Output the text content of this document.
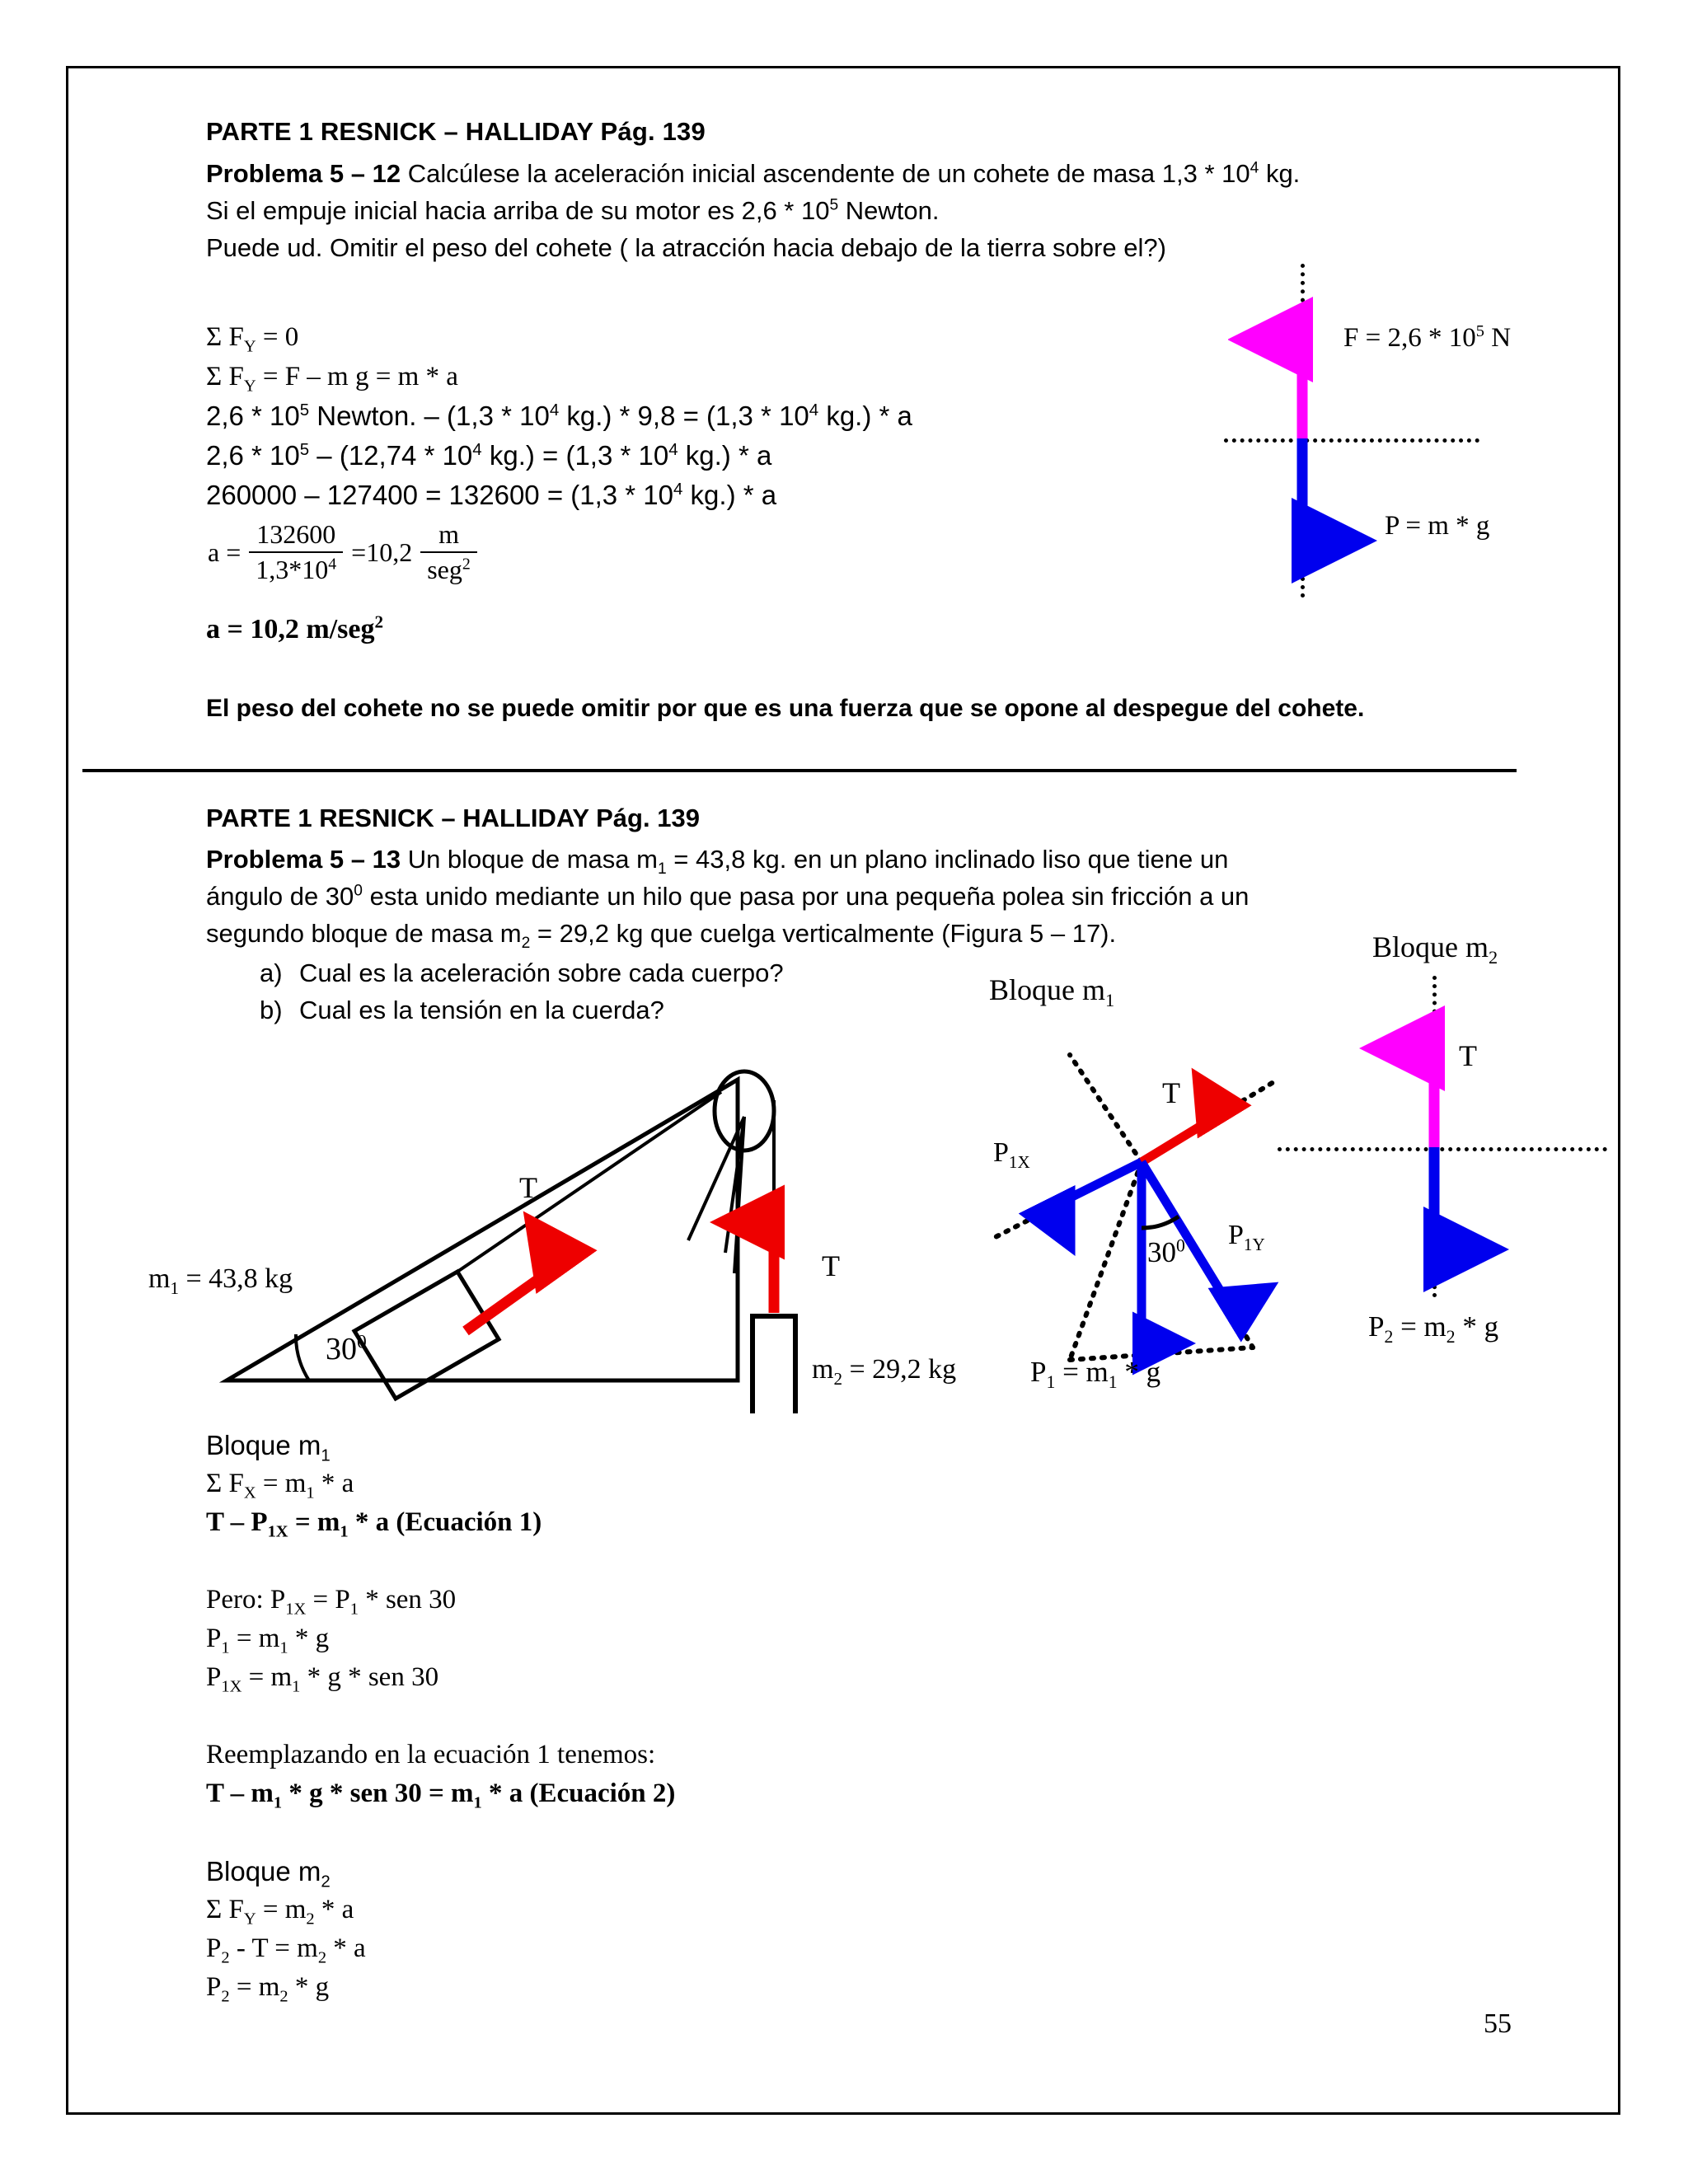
PARTE 1 RESNICK – HALLIDAY Pág. 139
Problema 5 – 12 Calcúlese la aceleración inicial ascendente de un cohete de masa $1,3 * 10^4$ kg.
Si el empuje inicial hacia arriba de su motor es $2,6 * 10^5$ Newton.
Puede ud. Omitir el peso del cohete ( la atracción hacia debajo de la tierra sobre el?)
Σ $F_Y = 0$
Σ $F_Y = F - m$ g = m * a
$2,6 * 10^5$ Newton. – ($1,3 * 10^4$ $kg.) * 9,8 = (1,3 * 10^4$ kg.) * a
$2,6 * 10^5 - (12,74 * 10^4$ $kg.) = (1,3 * 10^4$ kg.) * a
$260000 - 127400 = 132600 = (1,3 * 10^4$ kg.) * a
$a = \frac{132600}{1,3*10^4} =10,2 \frac{m}{seg^2}$
a = 10,2 m/seg$^2$
El peso del cohete no se puede omitir por que es una fuerza que se opone al despegue del cohete.
$F = 2,6 * 10^5$ N
P = m * g
PARTE 1 RESNICK – HALLIDAY Pág. 139
Problema 5 – 13 Un bloque de masa $m_1 = 43,8$ kg. en un plano inclinado liso que tiene un
ángulo de $30^0$ esta unido mediante un hilo que pasa por una pequeña polea sin fricción a un
segundo bloque de masa $m_2 = 29,2$ kg que cuelga verticalmente (Figura 5 – 17).
a) Cual es la aceleración sobre cada cuerpo?
b) Cual es la tensión en la cuerda?
T
$m_1 = 43,8$ kg	T
$m_2 = 29,2$ kg
$30^0$
Bloque $m_1$
T
$P_{1X}$
$P_{1Y}$
$30^0$
$P_1 = m_1 * g$
Bloque $m_2$
T
$P_2 = m_2 * g$
Bloque $m_1$
Σ $F_X = m_1 * a$
$T - P_{1X} = m_1 * a$ (Ecuación 1)
Pero: $P_{1X} = P_1$ * sen 30
$P_1 = m_1 * g$
$P_{1X} = m_1 * g$ * sen 30
Reemplazando en la ecuación 1 tenemos:
T – $m_1$ * g * sen $30 = m_1 * a$ (Ecuación 2)
Bloque $m_2$
Σ $F_Y = m_2 * a$
$P_2 - T = m_2 * a$
$P_2 = m_2 * g$
55
